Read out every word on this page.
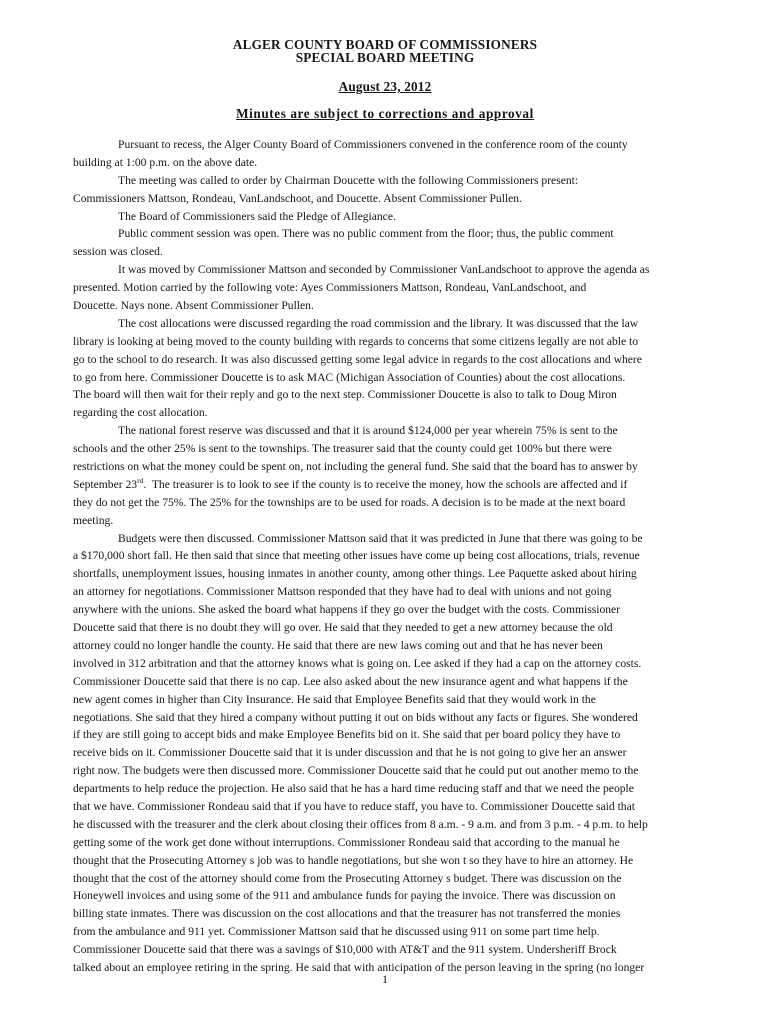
ALGER COUNTY BOARD OF COMMISSIONERS
SPECIAL BOARD MEETING
August 23, 2012
Minutes are subject to corrections and approval
Pursuant to recess, the Alger County Board of Commissioners convened in the conference room of the county
building at 1:00 p.m. on the above date.
The meeting was called to order by Chairman Doucette with the following Commissioners present:
Commissioners Mattson, Rondeau, VanLandschoot, and Doucette. Absent Commissioner Pullen.
The Board of Commissioners said the Pledge of Allegiance.
Public comment session was open. There was no public comment from the floor; thus, the public comment
session was closed.
It was moved by Commissioner Mattson and seconded by Commissioner VanLandschoot to approve the agenda as
presented. Motion carried by the following vote: Ayes Commissioners Mattson, Rondeau, VanLandschoot, and
Doucette. Nays none. Absent Commissioner Pullen.
The cost allocations were discussed regarding the road commission and the library. It was discussed that the law
library is looking at being moved to the county building with regards to concerns that some citizens legally are not able to
go to the school to do research. It was also discussed getting some legal advice in regards to the cost allocations and where
to go from here. Commissioner Doucette is to ask MAC (Michigan Association of Counties) about the cost allocations.
The board will then wait for their reply and go to the next step. Commissioner Doucette is also to talk to Doug Miron
regarding the cost allocation.
The national forest reserve was discussed and that it is around $124,000 per year wherein 75% is sent to the
schools and the other 25% is sent to the townships. The treasurer said that the county could get 100% but there were
restrictions on what the money could be spent on, not including the general fund. She said that the board has to answer by
September 23rd.  The treasurer is to look to see if the county is to receive the money, how the schools are affected and if
they do not get the 75%. The 25% for the townships are to be used for roads. A decision is to be made at the next board
meeting.
Budgets were then discussed. Commissioner Mattson said that it was predicted in June that there was going to be
a $170,000 short fall. He then said that since that meeting other issues have come up being cost allocations, trials, revenue
shortfalls, unemployment issues, housing inmates in another county, among other things. Lee Paquette asked about hiring
an attorney for negotiations. Commissioner Mattson responded that they have had to deal with unions and not going
anywhere with the unions. She asked the board what happens if they go over the budget with the costs. Commissioner
Doucette said that there is no doubt they will go over. He said that they needed to get a new attorney because the old
attorney could no longer handle the county. He said that there are new laws coming out and that he has never been
involved in 312 arbitration and that the attorney knows what is going on. Lee asked if they had a cap on the attorney costs.
Commissioner Doucette said that there is no cap. Lee also asked about the new insurance agent and what happens if the
new agent comes in higher than City Insurance. He said that Employee Benefits said that they would work in the
negotiations. She said that they hired a company without putting it out on bids without any facts or figures. She wondered
if they are still going to accept bids and make Employee Benefits bid on it. She said that per board policy they have to
receive bids on it. Commissioner Doucette said that it is under discussion and that he is not going to give her an answer
right now. The budgets were then discussed more. Commissioner Doucette said that he could put out another memo to the
departments to help reduce the projection. He also said that he has a hard time reducing staff and that we need the people
that we have. Commissioner Rondeau said that if you have to reduce staff, you have to. Commissioner Doucette said that
he discussed with the treasurer and the clerk about closing their offices from 8 a.m. - 9 a.m. and from 3 p.m. - 4 p.m. to help
getting some of the work get done without interruptions. Commissioner Rondeau said that according to the manual he
thought that the Prosecuting Attorney s job was to handle negotiations, but she won t so they have to hire an attorney. He
thought that the cost of the attorney should come from the Prosecuting Attorney s budget. There was discussion on the
Honeywell invoices and using some of the 911 and ambulance funds for paying the invoice. There was discussion on
billing state inmates. There was discussion on the cost allocations and that the treasurer has not transferred the monies
from the ambulance and 911 yet. Commissioner Mattson said that he discussed using 911 on some part time help.
Commissioner Doucette said that there was a savings of $10,000 with AT&T and the 911 system. Undersheriff Brock
talked about an employee retiring in the spring. He said that with anticipation of the person leaving in the spring (no longer
1
